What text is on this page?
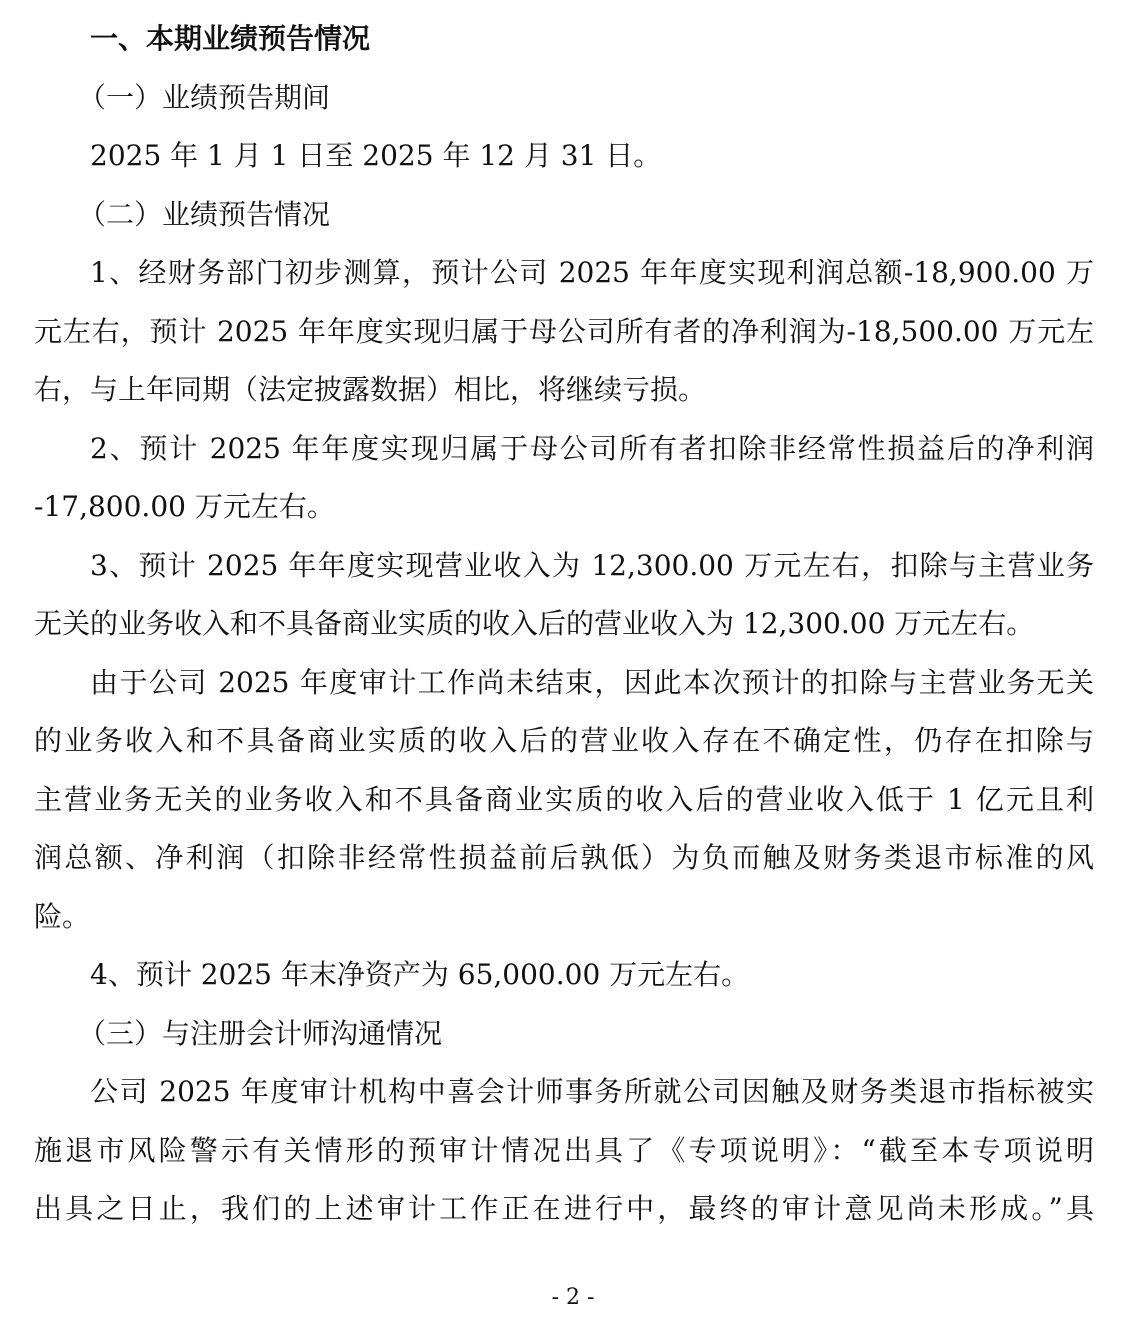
一、本期业绩预告情况

（一）业绩预告期间

2025 年 1 月 1 日至 2025 年 12 月 31 日。

（二）业绩预告情况

1、经财务部门初步测算，预计公司 2025 年年度实现利润总额-18,900.00 万

元左右，预计 2025 年年度实现归属于母公司所有者的净利润为-18,500.00 万元左

右，与上年同期（法定披露数据）相比，将继续亏损。

2、预计 2025 年年度实现归属于母公司所有者扣除非经常性损益后的净利润

-17,800.00 万元左右。

3、预计 2025 年年度实现营业收入为 12,300.00 万元左右，扣除与主营业务

无关的业务收入和不具备商业实质的收入后的营业收入为 12,300.00 万元左右。

由于公司 2025 年度审计工作尚未结束，因此本次预计的扣除与主营业务无关

的业务收入和不具备商业实质的收入后的营业收入存在不确定性，仍存在扣除与

主营业务无关的业务收入和不具备商业实质的收入后的营业收入低于 1 亿元且利

润总额、净利润（扣除非经常性损益前后孰低）为负而触及财务类退市标准的风

险。

4、预计 2025 年末净资产为 65,000.00 万元左右。

（三）与注册会计师沟通情况

公司 2025 年度审计机构中喜会计师事务所就公司因触及财务类退市指标被实

施退市风险警示有关情形的预审计情况出具了《专项说明》：“截至本专项说明

出具之日止，我们的上述审计工作正在进行中，最终的审计意见尚未形成。”具

- 2 -
